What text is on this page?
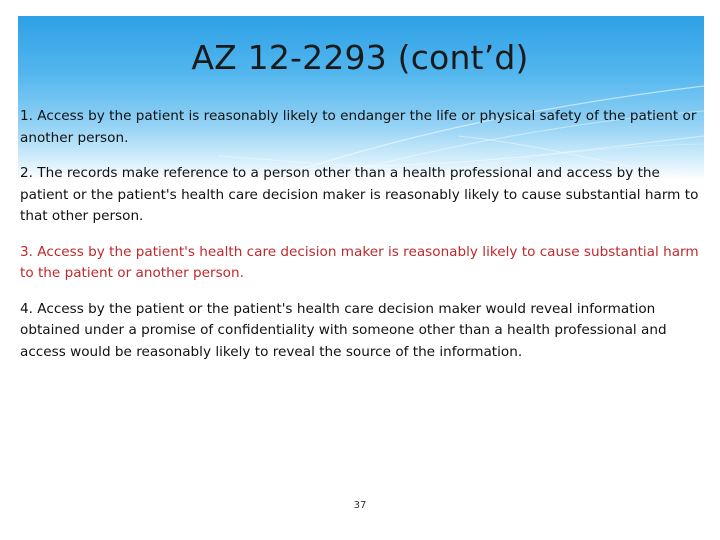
AZ 12-2293 (cont’d)

1. Access by the patient is reasonably likely to endanger the life or physical safety of the patient or another person.

2. The records make reference to a person other than a health professional and access by the patient or the patient's health care decision maker is reasonably likely to cause substantial harm to that other person.

3. Access by the patient's health care decision maker is reasonably likely to cause substantial harm to the patient or another person.

4. Access by the patient or the patient's health care decision maker would reveal information obtained under a promise of confidentiality with someone other than a health professional and access would be reasonably likely to reveal the source of the information.

37
